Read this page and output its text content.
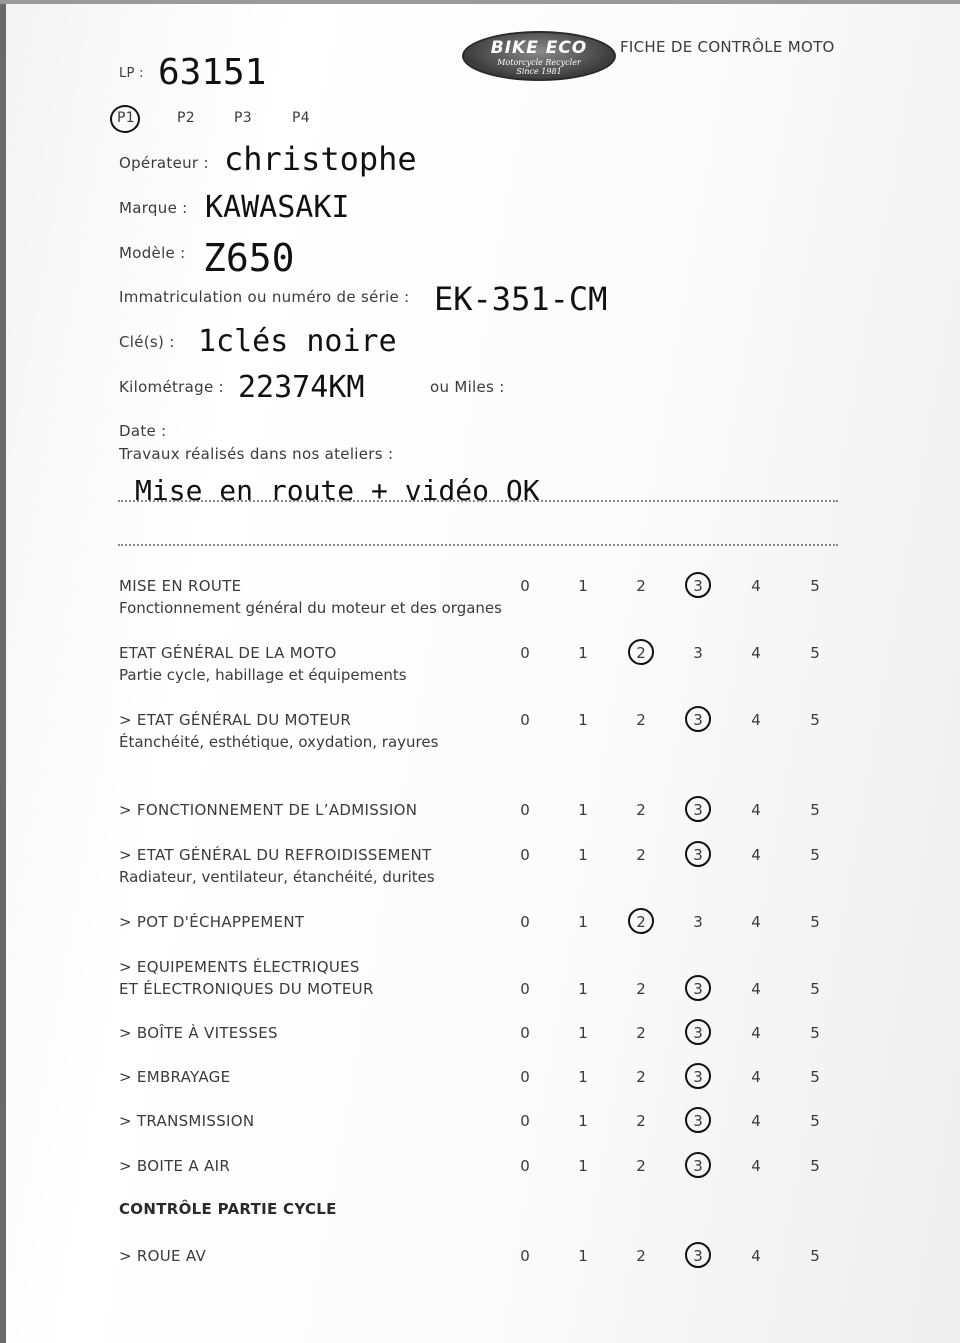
BIKE ECO
Motorcycle Recycler
Since 1981
FICHE DE CONTRÔLE MOTO
LP : 63151
P1	P2	P3	P4
Opérateur : christophe
Marque : KAWASAKI
Modèle : Z650
Immatriculation ou numéro de série : EK-351-CM
Clé(s) : 1clés noire
Kilométrage : 22374KM	ou Miles :
Date :
Travaux réalisés dans nos ateliers :
Mise en route + vidéo OK
CONTRÔLE PARTIE CYCLE
MISE EN ROUTE
Fonctionnement général du moteur et des organes
0	1	2	3	4	5
ETAT GÉNÉRAL DE LA MOTO
Partie cycle, habillage et équipements
0	1	2	3	4	5
> ETAT GÉNÉRAL DU MOTEUR
Étanchéité, esthétique, oxydation, rayures
0	1	2	3	4	5
> FONCTIONNEMENT DE L’ADMISSION	0	1	2	3	4	5
> ETAT GÉNÉRAL DU REFROIDISSEMENT
Radiateur, ventilateur, étanchéité, durites
0	1	2	3	4	5
> POT D'ÉCHAPPEMENT	0	1	2	3	4	5
> EQUIPEMENTS ÉLECTRIQUES
ET ÉLECTRONIQUES DU MOTEUR	0	1	2	3	4	5
> BOÎTE À VITESSES	0	1	2	3	4	5
> EMBRAYAGE	0	1	2	3	4	5
> TRANSMISSION	0	1	2	3	4	5
> BOITE A AIR	0	1	2	3	4	5
> ROUE AV	0	1	2	3	4	5
